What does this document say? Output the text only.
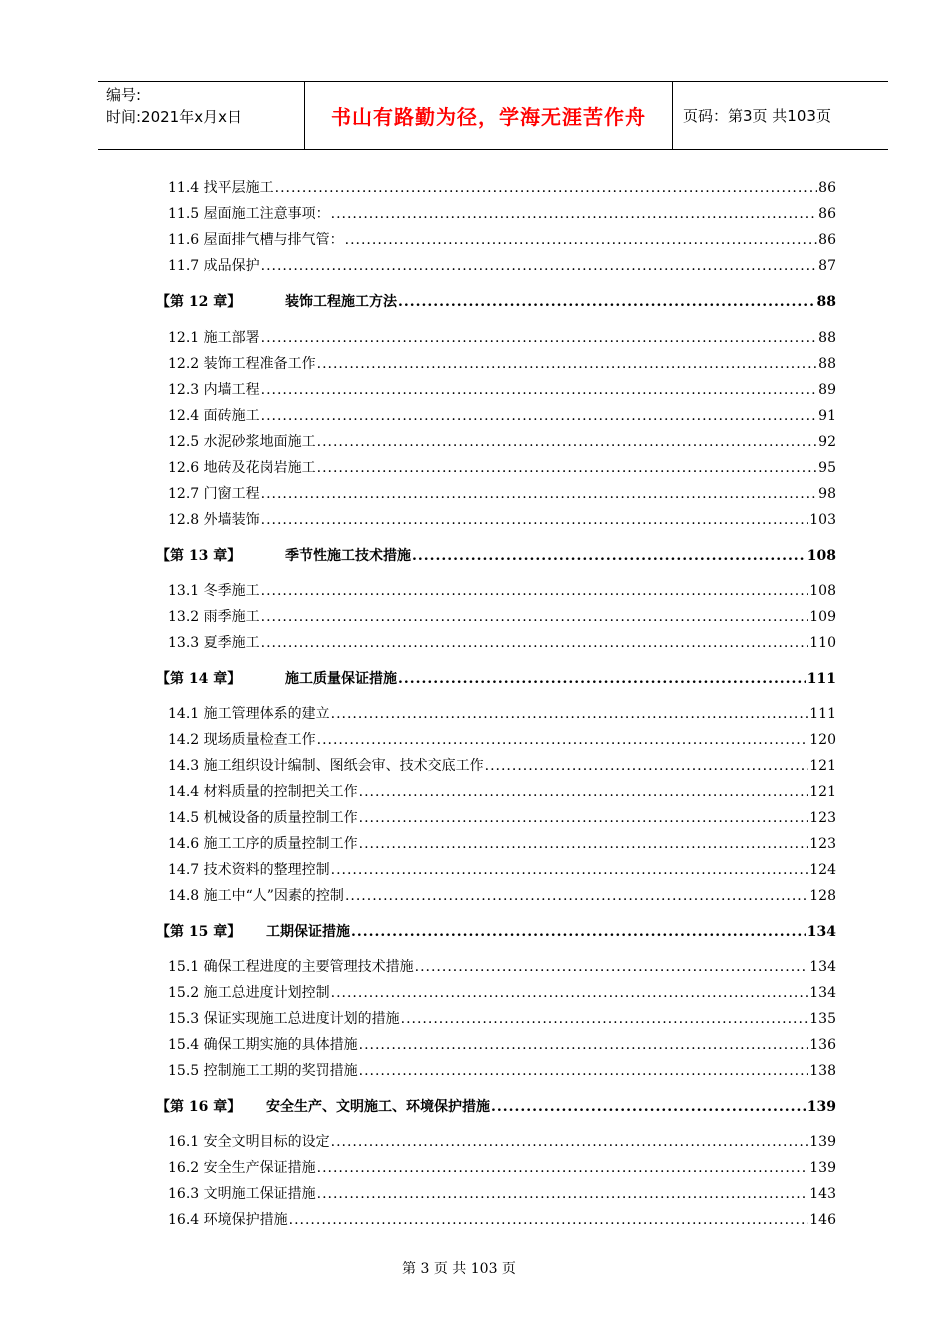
编号:
时间:2021年x月x日	书山有路勤为径，学海无涯苦作舟 页码：第3页 共103页
11.4 找平层施工 .....	86
11.5 屋面施工注意事项： .....	86
11.6 屋面排气槽与排气管： .....	86
11.7 成品保护 .....	87
【第 12 章】	装饰工程施工方法 .....	88
12.1 施工部署 .....	88
12.2 装饰工程准备工作 .....	88
12.3 内墙工程 .....	89
12.4 面砖施工 .....	91
12.5 水泥砂浆地面施工 .....	92
12.6 地砖及花岗岩施工 .....	95
12.7 门窗工程 .....	98
12.8 外墙装饰 .....	103
【第 13 章】	季节性施工技术措施 .....	108
13.1 冬季施工 .....	108
13.2 雨季施工 .....	109
13.3 夏季施工 .....	110
【第 14 章】	施工质量保证措施 .....	111
14.1 施工管理体系的建立 .....	111
14.2 现场质量检查工作 .....	120
14.3 施工组织设计编制、图纸会审、技术交底工作 .....	121
14.4 材料质量的控制把关工作 .....	121
14.5 机械设备的质量控制工作 .....	123
14.6 施工工序的质量控制工作 .....	123
14.7 技术资料的整理控制 .....	124
14.8 施工中“人”因素的控制 .....	128
【第 15 章】	工期保证措施 .....	134
15.1 确保工程进度的主要管理技术措施 .....	134
15.2 施工总进度计划控制 .....	134
15.3 保证实现施工总进度计划的措施 .....	135
15.4 确保工期实施的具体措施 .....	136
15.5 控制施工工期的奖罚措施 .....	138
【第 16 章】	安全生产、文明施工、环境保护措施 .....	139
16.1 安全文明目标的设定 .....	139
16.2 安全生产保证措施 .....	139
16.3 文明施工保证措施 .....	143
16.4 环境保护措施 .....	146
第 3 页 共 103 页
